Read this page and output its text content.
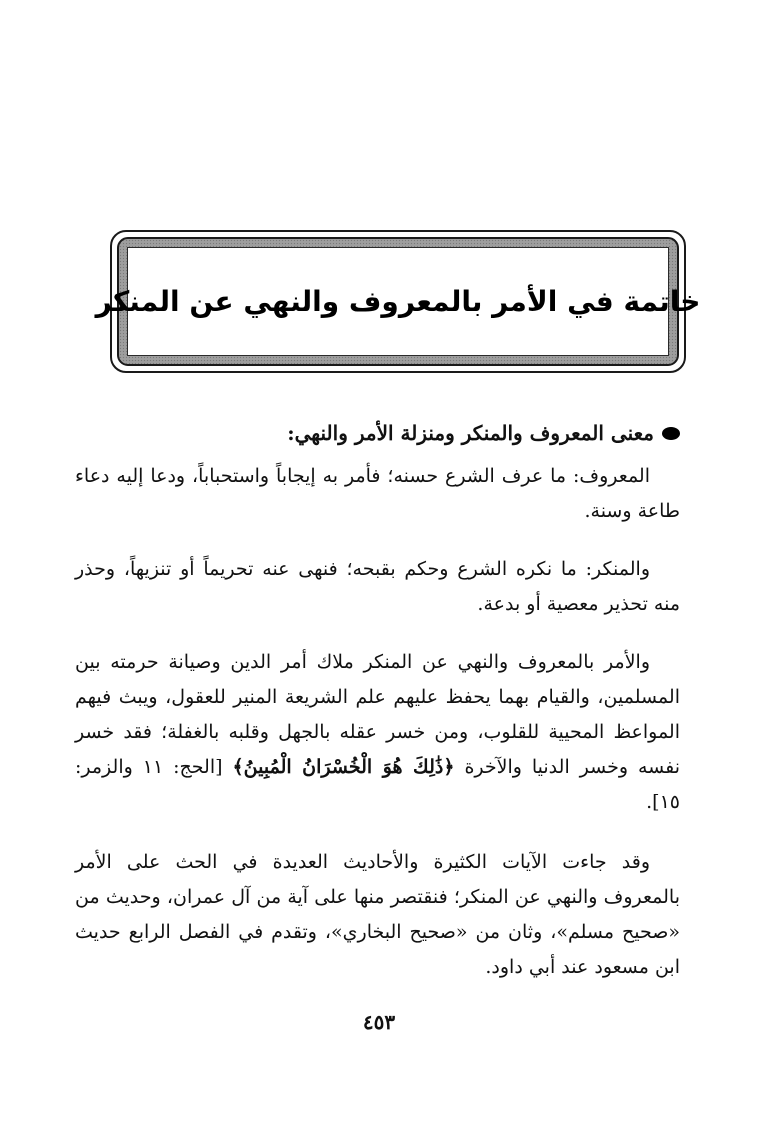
خاتمة في الأمر بالمعروف والنهي عن المنكر
معنى المعروف والمنكر ومنزلة الأمر والنهي:

المعروف: ما عرف الشرع حسنه؛ فأمر به إيجاباً واستحباباً، ودعا إليه دعاء طاعة وسنة.

والمنكر: ما نكره الشرع وحكم بقبحه؛ فنهى عنه تحريماً أو تنزيهاً، وحذر منه تحذير معصية أو بدعة.

والأمر بالمعروف والنهي عن المنكر ملاك أمر الدين وصيانة حرمته بين المسلمين، والقيام بهما يحفظ عليهم علم الشريعة المنير للعقول، ويبث فيهم المواعظ المحيية للقلوب، ومن خسر عقله بالجهل وقلبه بالغفلة؛ فقد خسر نفسه وخسر الدنيا والآخرة ﴿ذَٰلِكَ هُوَ الْخُسْرَانُ الْمُبِينُ﴾ [الحج: ١١ والزمر: ١٥].

وقد جاءت الآيات الكثيرة والأحاديث العديدة في الحث على الأمر بالمعروف والنهي عن المنكر؛ فنقتصر منها على آية من آل عمران، وحديث من «صحيح مسلم»، وثان من «صحيح البخاري»، وتقدم في الفصل الرابع حديث ابن مسعود عند أبي داود.

٤٥٣
